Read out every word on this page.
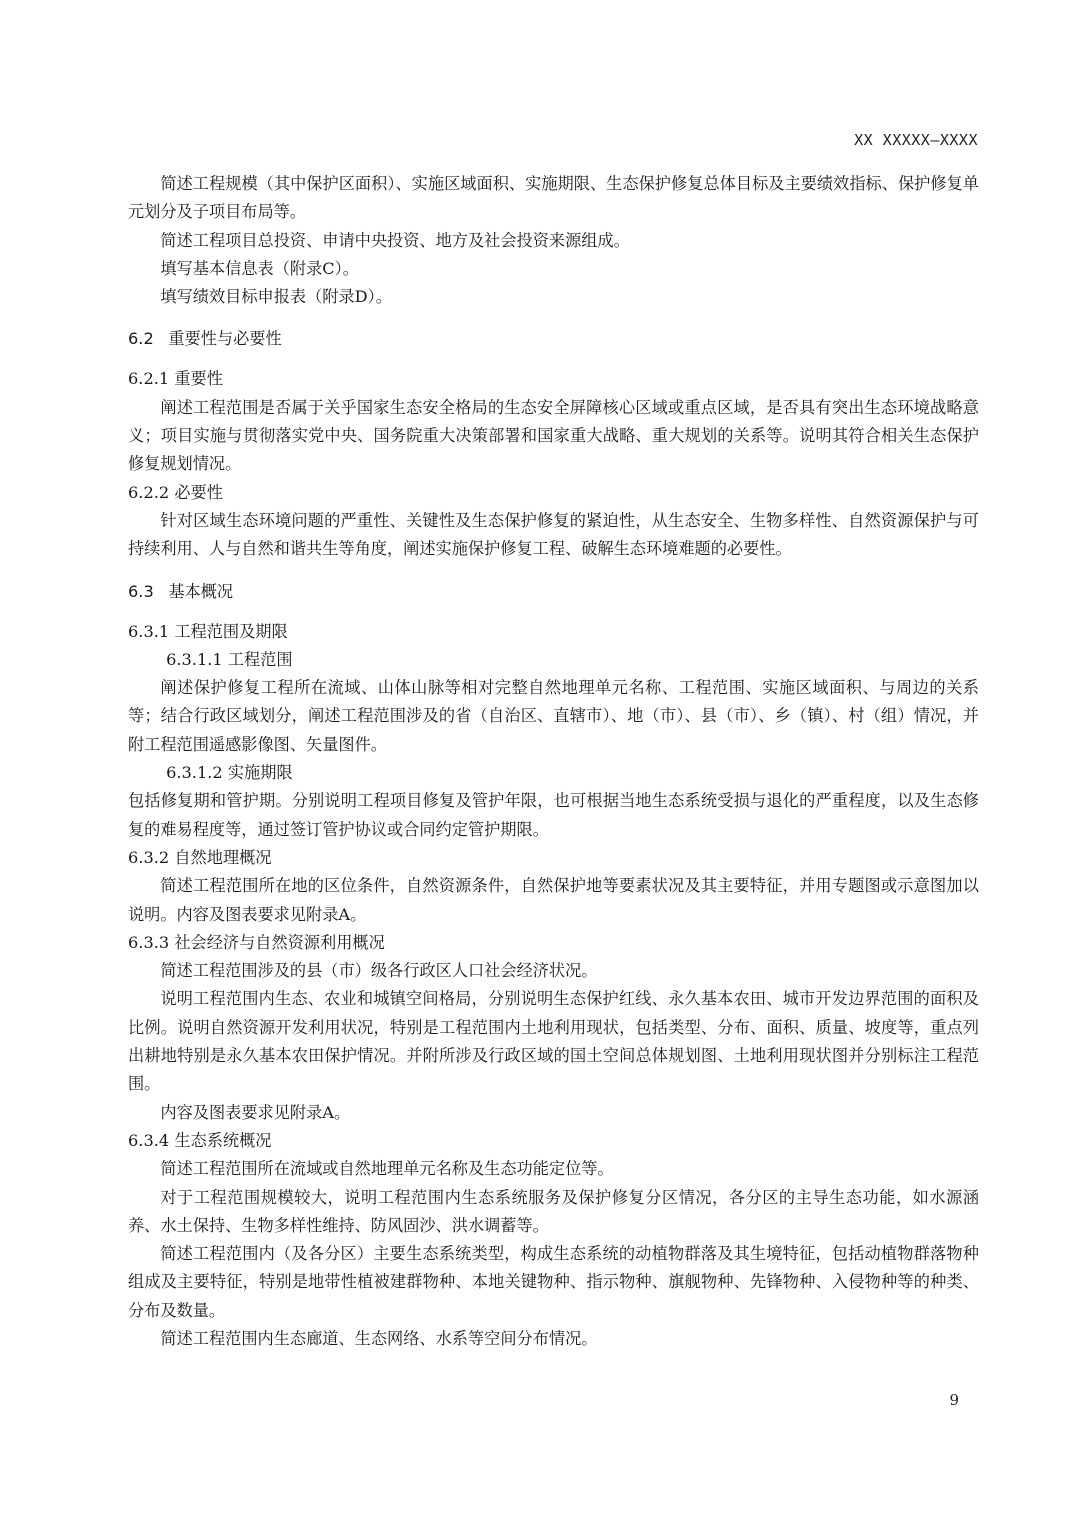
XX XXXXX—XXXX

简述工程规模（其中保护区面积）、实施区域面积、实施期限、生态保护修复总体目标及主要绩效指标、保护修复单元划分及子项目布局等。

简述工程项目总投资、申请中央投资、地方及社会投资来源组成。

填写基本信息表（附录C）。

填写绩效目标申报表（附录D）。

6.2 重要性与必要性

6.2.1 重要性

阐述工程范围是否属于关乎国家生态安全格局的生态安全屏障核心区域或重点区域，是否具有突出生态环境战略意义；项目实施与贯彻落实党中央、国务院重大决策部署和国家重大战略、重大规划的关系等。说明其符合相关生态保护修复规划情况。

6.2.2 必要性

针对区域生态环境问题的严重性、关键性及生态保护修复的紧迫性，从生态安全、生物多样性、自然资源保护与可持续利用、人与自然和谐共生等角度，阐述实施保护修复工程、破解生态环境难题的必要性。

6.3 基本概况

6.3.1 工程范围及期限

6.3.1.1 工程范围

阐述保护修复工程所在流域、山体山脉等相对完整自然地理单元名称、工程范围、实施区域面积、与周边的关系等；结合行政区域划分，阐述工程范围涉及的省（自治区、直辖市）、地（市）、县（市）、乡（镇）、村（组）情况，并附工程范围遥感影像图、矢量图件。

6.3.1.2 实施期限

包括修复期和管护期。分别说明工程项目修复及管护年限，也可根据当地生态系统受损与退化的严重程度，以及生态修复的难易程度等，通过签订管护协议或合同约定管护期限。

6.3.2 自然地理概况

简述工程范围所在地的区位条件，自然资源条件，自然保护地等要素状况及其主要特征，并用专题图或示意图加以说明。内容及图表要求见附录A。

6.3.3 社会经济与自然资源利用概况

简述工程范围涉及的县（市）级各行政区人口社会经济状况。

说明工程范围内生态、农业和城镇空间格局，分别说明生态保护红线、永久基本农田、城市开发边界范围的面积及比例。说明自然资源开发利用状况，特别是工程范围内土地利用现状，包括类型、分布、面积、质量、坡度等，重点列出耕地特别是永久基本农田保护情况。并附所涉及行政区域的国土空间总体规划图、土地利用现状图并分别标注工程范围。

内容及图表要求见附录A。

6.3.4 生态系统概况

简述工程范围所在流域或自然地理单元名称及生态功能定位等。

对于工程范围规模较大，说明工程范围内生态系统服务及保护修复分区情况，各分区的主导生态功能，如水源涵养、水土保持、生物多样性维持、防风固沙、洪水调蓄等。

简述工程范围内（及各分区）主要生态系统类型，构成生态系统的动植物群落及其生境特征，包括动植物群落物种组成及主要特征，特别是地带性植被建群物种、本地关键物种、指示物种、旗舰物种、先锋物种、入侵物种等的种类、分布及数量。

简述工程范围内生态廊道、生态网络、水系等空间分布情况。

9
